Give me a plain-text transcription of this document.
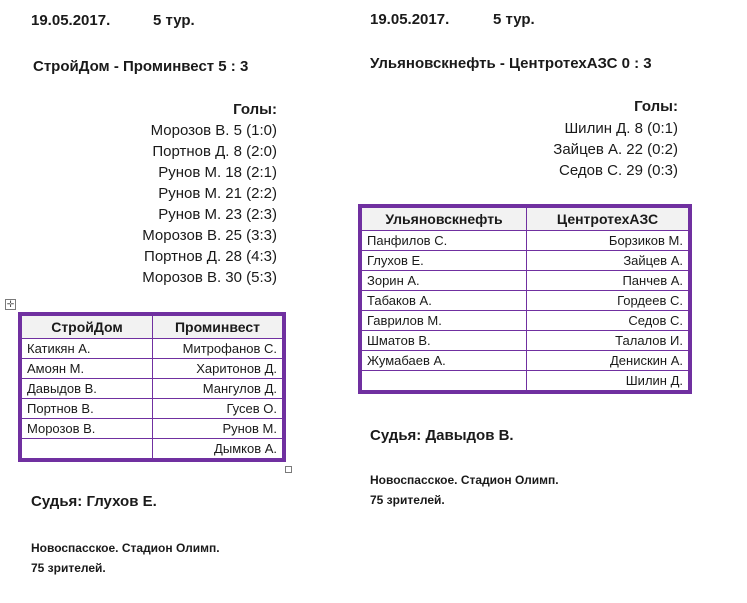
19.05.2017.	5 тур.
СтройДом - Проминвест 5 : 3
Голы:
Морозов В. 5 (1:0)
Портнов Д. 8 (2:0)
Рунов М. 18 (2:1)
Рунов М. 21 (2:2)
Рунов М. 23 (2:3)
Морозов В. 25 (3:3)
Портнов Д. 28 (4:3)
Морозов В. 30 (5:3)
✛
СтройДом	Проминвест
Катикян А.	Митрофанов С.
Амоян М.	Харитонов Д.
Давыдов В.	Мангулов Д.
Портнов В.	Гусев О.
Морозов В.	Рунов М.
	Дымков А.
Судья: Глухов Е.
Новоспасское. Стадион Олимп.
75 зрителей.
19.05.2017.	5 тур.
Ульяновскнефть - ЦентротехАЗС 0 : 3
Голы:
Шилин Д. 8 (0:1)
Зайцев А. 22 (0:2)
Седов С. 29 (0:3)
Ульяновскнефть	ЦентротехАЗС
Панфилов С.	Борзиков М.
Глухов Е.	Зайцев А.
Зорин А.	Панчев А.
Табаков А.	Гордеев С.
Гаврилов М.	Седов С.
Шматов В.	Талалов И.
Жумабаев А.	Денискин А.
	Шилин Д.
Судья: Давыдов В.
Новоспасское. Стадион Олимп.
75 зрителей.
